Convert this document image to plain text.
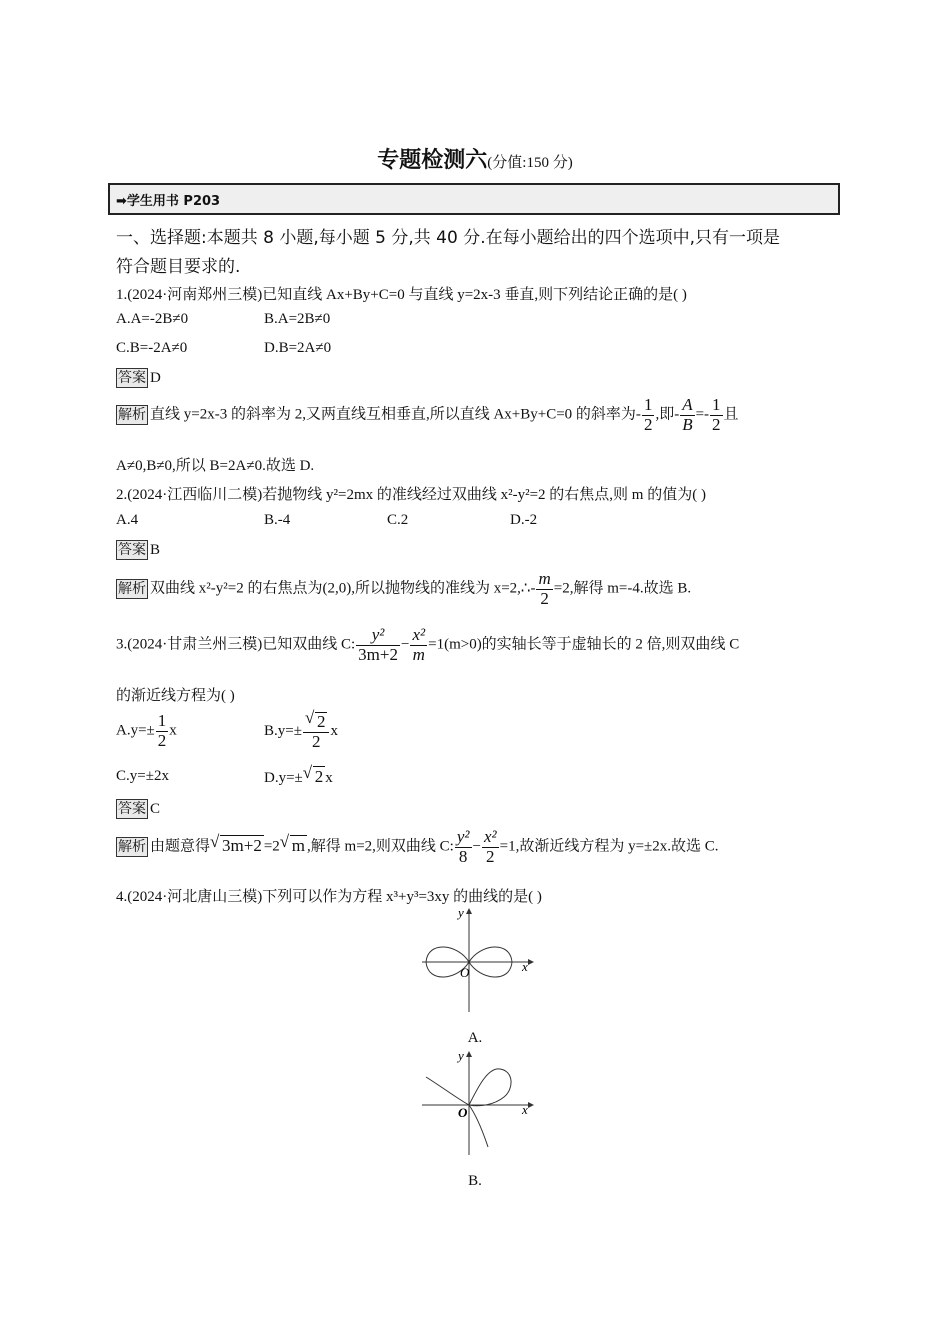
专题检测六(分值:150 分)
➡学生用书 P203
一、选择题:本题共 8 小题,每小题 5 分,共 40 分.在每小题给出的四个选项中,只有一项是
符合题目要求的.
1.(2024·河南郑州三模)已知直线 Ax+By+C=0 与直线 y=2x-3 垂直,则下列结论正确的是( )
A.A=-2B≠0	B.A=2B≠0
C.B=-2A≠0	D.B=2A≠0
答案 D
解析 直线 y=2x-3 的斜率为 2,又两直线互相垂直,所以直线 Ax+By+C=0 的斜率为- $\frac{1}{2}$ ,即- $\frac{A}{B} =- \frac{1}{2}$ 且
A≠0,B≠0,所以 B=2A≠0.故选 D.
2.(2024·江西临川二模)若抛物线 y²=2mx 的准线经过双曲线 x²-y²=2 的右焦点,则 m 的值为( )
A.4	B.-4	C.2	D.-2
答案 B
解析 双曲线 x²-y²=2 的右焦点为(2,0),所以抛物线的准线为 x=2,∴- $\frac{m}{2} =2$,解得 m=-4.故选 B.
3.(2024·甘肃兰州三模)已知双曲线 C: $\frac{\text{y²}}{3m+2} - \frac{\text{x²}}{m} =1(m>0)$的实轴长等于虚轴长的 2 倍,则双曲线 C
的渐近线方程为( )
$A.y=\pm \frac{1}{2}$ x	B.y=± √ $\frac{2}{2}$ x
C.y=±2x	D.y=± √ 2 x
答案 C
解析 由题意得 √ 3m+2 =2 √ m ,解得 m=2,则双曲线 C: $\frac{\text{y²}}{8} - \frac{\text{x²}}{2} =1$,故渐近线方程为 y=±2x.故选 C.
4.(2024·河北唐山三模)下列可以作为方程 x³+y³=3xy 的曲线的是( )
x
y
O
A.
x
y
O
B.
